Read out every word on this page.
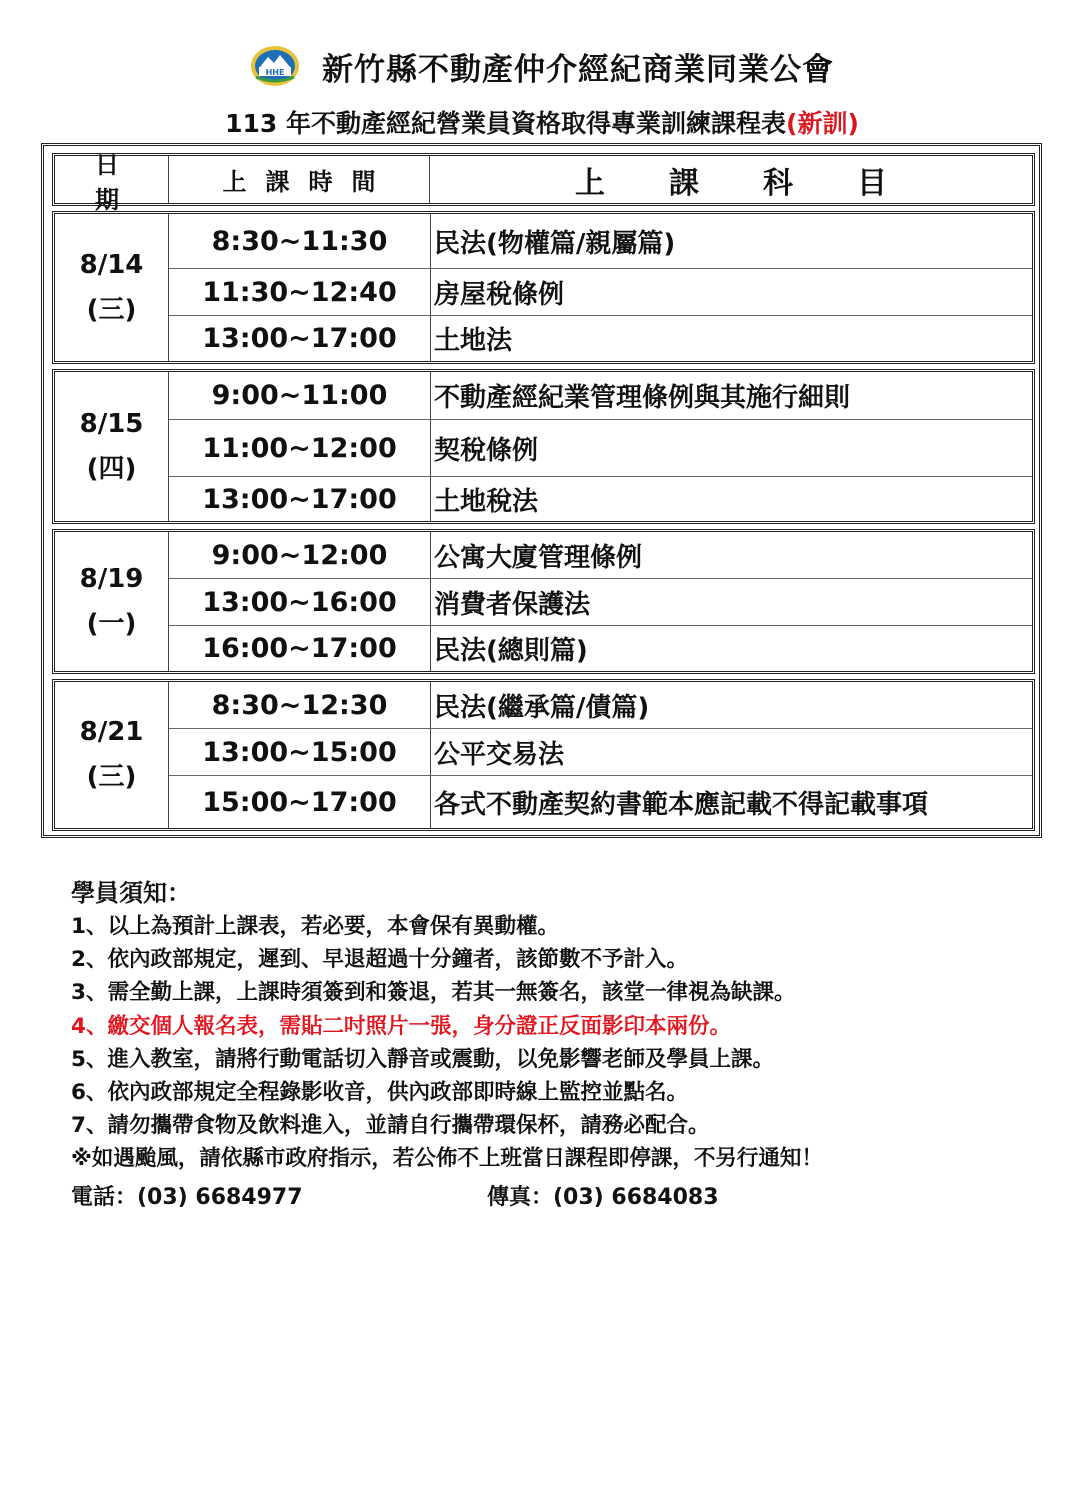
HHE 新竹縣不動產仲介經紀商業同業公會
113 年不動產經紀營業員資格取得專業訓練課程表(新訓)
日期
上課時間	上課科目
8/14
(三)
8:30~11:30	民法(物權篇/親屬篇)
11:30~12:40	房屋稅條例
13:00~17:00	土地法
8/15
(四)
9:00~11:00	不動產經紀業管理條例與其施行細則
11:00~12:00	契稅條例
13:00~17:00	土地稅法
8/19
(一)
9:00~12:00	公寓大廈管理條例
13:00~16:00	消費者保護法
16:00~17:00	民法(總則篇)
8/21
(三)
8:30~12:30	民法(繼承篇/債篇)
13:00~15:00	公平交易法
15:00~17:00	各式不動產契約書範本應記載不得記載事項
學員須知：
1、以上為預計上課表，若必要，本會保有異動權。
2、依內政部規定，遲到、早退超過十分鐘者，該節數不予計入。
3、需全勤上課，上課時須簽到和簽退，若其一無簽名，該堂一律視為缺課。
4、繳交個人報名表，需貼二吋照片一張，身分證正反面影印本兩份。
5、進入教室，請將行動電話切入靜音或震動，以免影響老師及學員上課。
6、依內政部規定全程錄影收音，供內政部即時線上監控並點名。
7、請勿攜帶食物及飲料進入，並請自行攜帶環保杯，請務必配合。
※如遇颱風，請依縣市政府指示，若公佈不上班當日課程即停課，不另行通知！
電話：(03) 6684977	傳真：(03) 6684083
